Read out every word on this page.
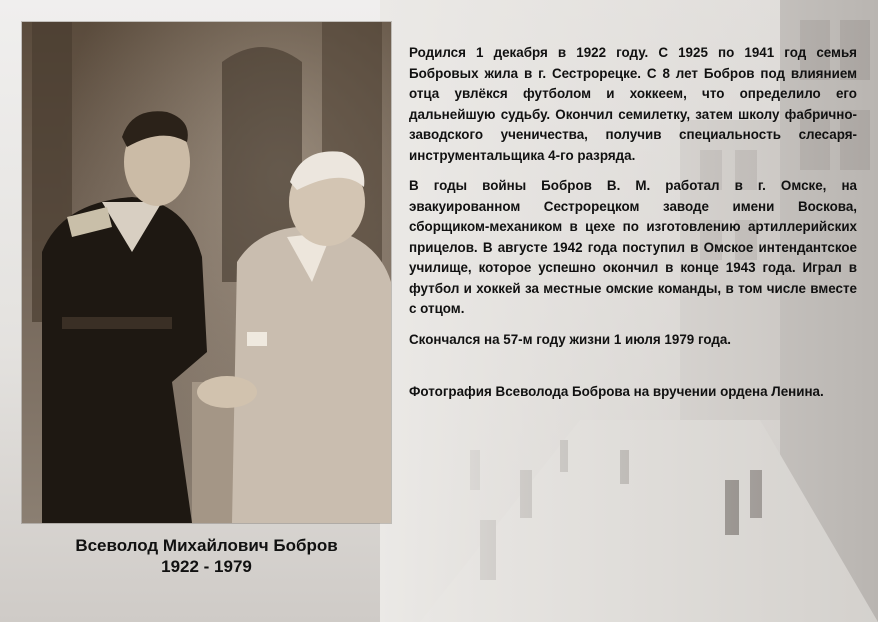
Всеволод Михайлович Бобров
1922 - 1979

Родился 1 декабря в 1922 году. С 1925 по 1941 год семья Бобровых жила в г. Сестрорецке. С 8 лет Бобров под влиянием отца увлёкся футболом и хоккеем, что определило его дальнейшую судьбу. Окончил семилетку, затем школу фабрично-заводского ученичества, получив специальность слесаря-инструментальщика 4-го разряда.

В годы войны Бобров В. М. работал в г. Омске, на эвакуированном Сестрорецком заводе имени Воскова, сборщиком-механиком в цехе по изготовлению артиллерийских прицелов. В августе 1942 года поступил в Омское интендантское училище, которое успешно окончил в конце 1943 года. Играл в футбол и хоккей за местные омские команды, в том числе вместе с отцом.

Скончался на 57-м году жизни 1 июля 1979 года.

Фотография Всеволода Боброва на вручении ордена Ленина.
